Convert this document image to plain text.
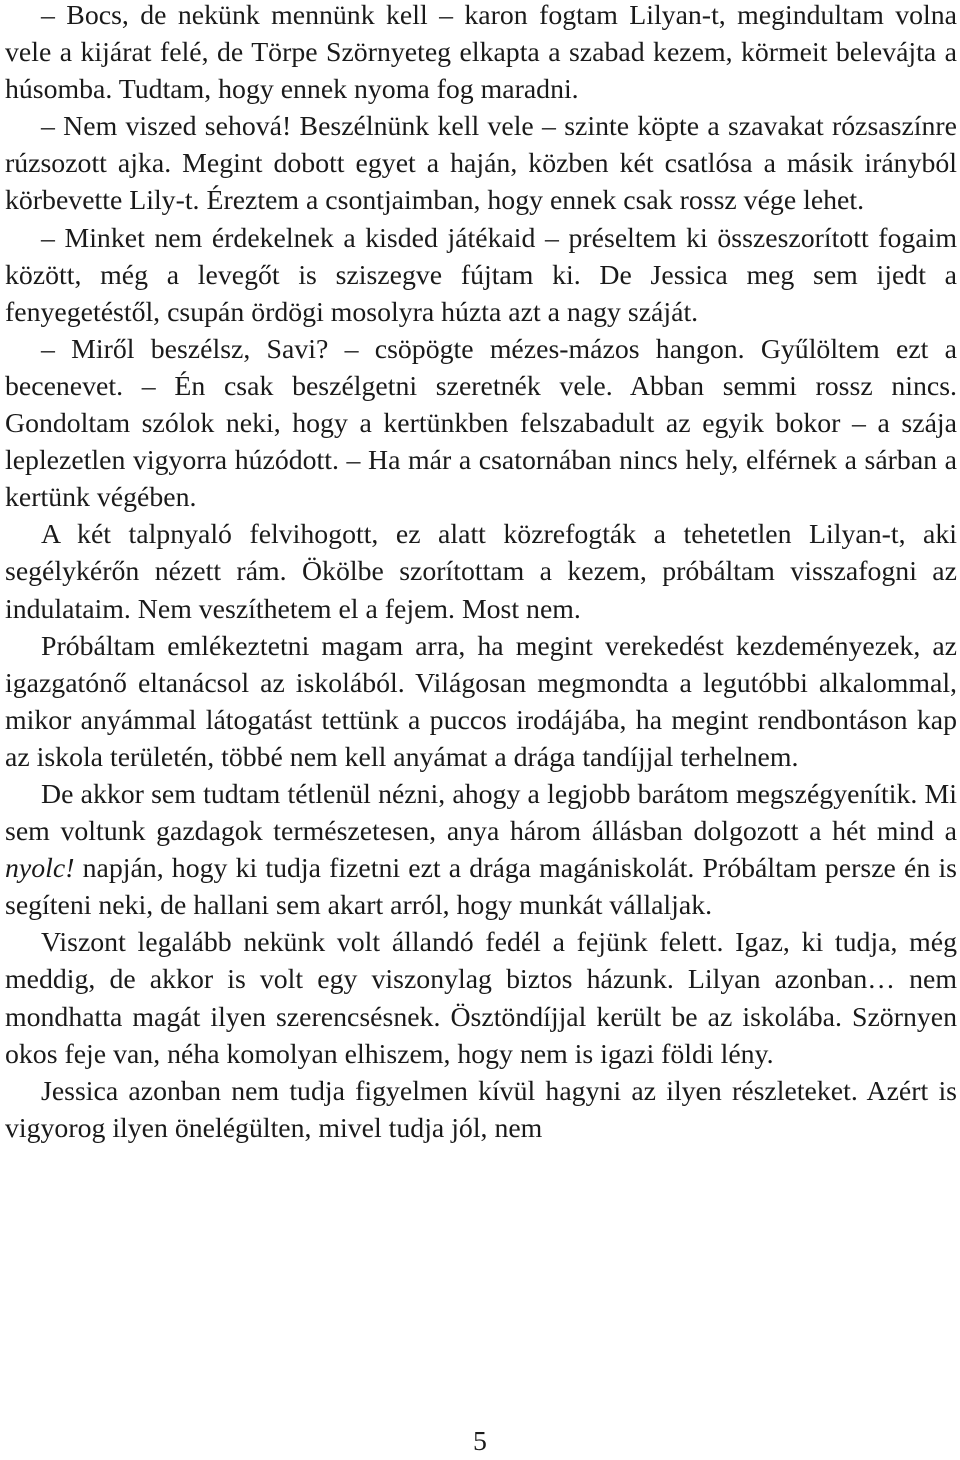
– Bocs, de nekünk mennünk kell – karon fogtam Lilyan-t, megindultam volna vele a kijárat felé, de Törpe Szörnyeteg elkapta a szabad kezem, körmeit belevájta a húsomba. Tudtam, hogy ennek nyoma fog maradni.

– Nem viszed sehová! Beszélnünk kell vele – szinte köpte a szavakat rózsaszínre rúzsozott ajka. Megint dobott egyet a haján, közben két csatlósa a másik irányból körbevette Lily-t. Éreztem a csontjaimban, hogy ennek csak rossz vége lehet.

– Minket nem érdekelnek a kisded játékaid – préseltem ki összeszorított fogaim között, még a levegőt is sziszegve fújtam ki. De Jessica meg sem ijedt a fenyegetéstől, csupán ördögi mosolyra húzta azt a nagy száját.

– Miről beszélsz, Savi? – csöpögte mézes-mázos hangon. Gyűlöltem ezt a becenevet. – Én csak beszélgetni szeretnék vele. Abban semmi rossz nincs. Gondoltam szólok neki, hogy a kertünkben felszabadult az egyik bokor – a szája leplezetlen vigyorra húzódott. – Ha már a csatornában nincs hely, elférnek a sárban a kertünk végében.

A két talpnyaló felvihogott, ez alatt közrefogták a tehetetlen Lilyan-t, aki segélykérőn nézett rám. Ökölbe szorítottam a kezem, próbáltam visszafogni az indulataim. Nem veszíthetem el a fejem. Most nem.

Próbáltam emlékeztetni magam arra, ha megint verekedést kezdeményezek, az igazgatónő eltanácsol az iskolából. Világosan megmondta a legutóbbi alkalommal, mikor anyámmal látogatást tettünk a puccos irodájába, ha megint rendbontáson kap az iskola területén, többé nem kell anyámat a drága tandíjjal terhelnem.

De akkor sem tudtam tétlenül nézni, ahogy a legjobb barátom megszégyenítik. Mi sem voltunk gazdagok természetesen, anya három állásban dolgozott a hét mind a nyolc! napján, hogy ki tudja fizetni ezt a drága magániskolát. Próbáltam persze én is segíteni neki, de hallani sem akart arról, hogy munkát vállaljak.

Viszont legalább nekünk volt állandó fedél a fejünk felett. Igaz, ki tudja, még meddig, de akkor is volt egy viszonylag biztos házunk. Lilyan azonban… nem mondhatta magát ilyen szerencsésnek. Ösztöndíjjal került be az iskolába. Szörnyen okos feje van, néha komolyan elhiszem, hogy nem is igazi földi lény.

Jessica azonban nem tudja figyelmen kívül hagyni az ilyen részleteket. Azért is vigyorog ilyen önelégülten, mivel tudja jól, nem

5
